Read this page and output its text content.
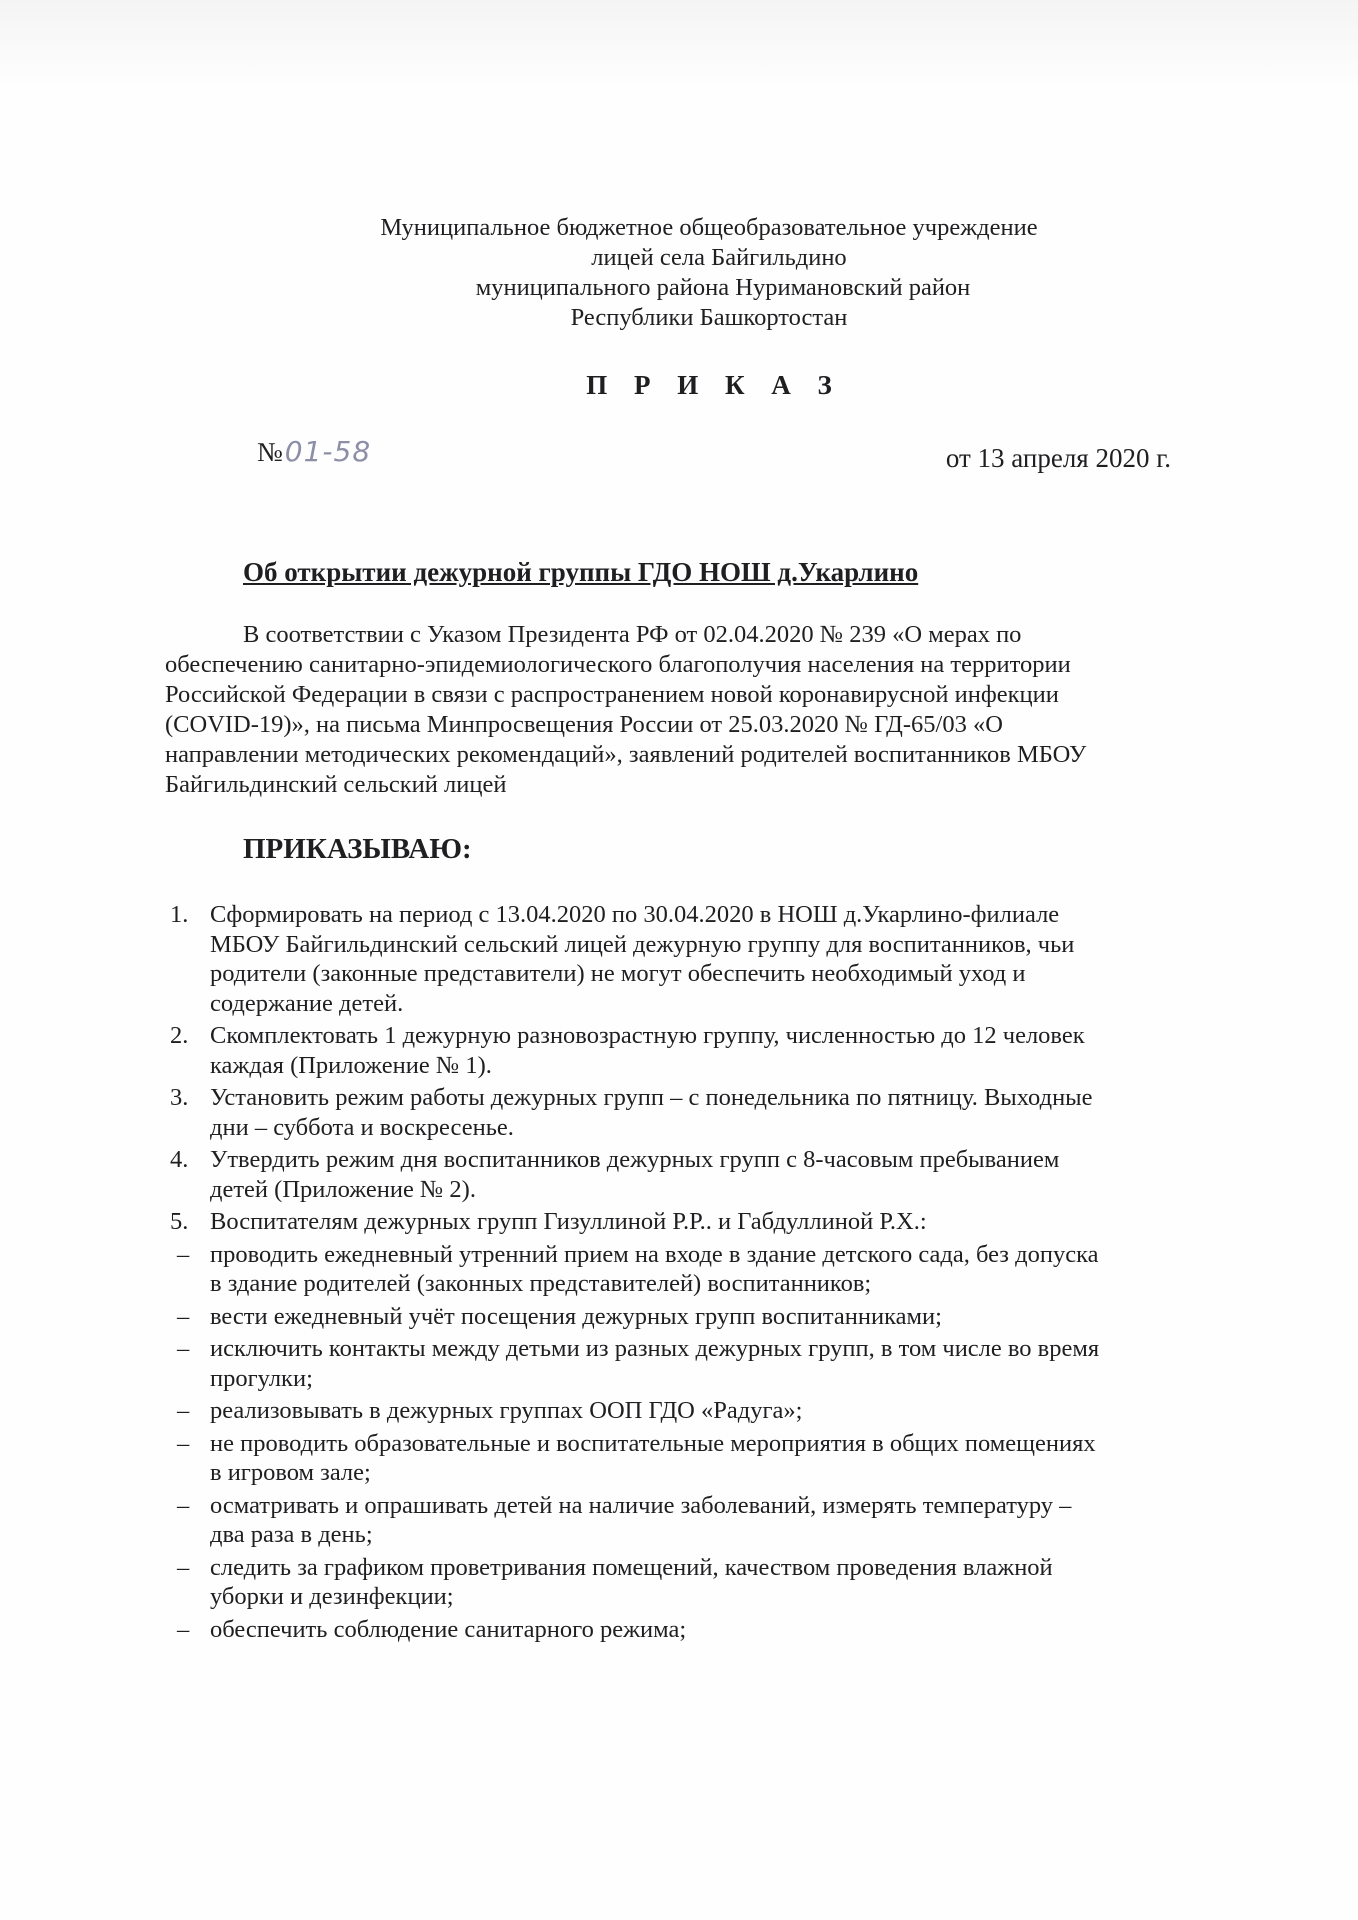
Муниципальное бюджетное общеобразовательное учреждение
лицей села Байгильдино
муниципального района Нуримановский район
Республики Башкортостан
П Р И К А З
№01-58	от 13 апреля 2020 г.
Об открытии дежурной группы ГДО НОШ д.Укарлино
В соответствии с Указом Президента РФ от 02.04.2020 № 239 «О мерах по
обеспечению санитарно-эпидемиологического благополучия населения на территории
Российской Федерации в связи с распространением новой коронавирусной инфекции
(COVID-19)», на письма Минпросвещения России от 25.03.2020 № ГД-65/03 «О
направлении методических рекомендаций», заявлений родителей воспитанников МБОУ
Байгильдинский сельский лицей
ПРИКАЗЫВАЮ:
1. Сформировать на период с 13.04.2020 по 30.04.2020 в НОШ д.Укарлино-филиале
МБОУ Байгильдинский сельский лицей дежурную группу для воспитанников, чьи
родители (законные представители) не могут обеспечить необходимый уход и
содержание детей.
2. Скомплектовать 1 дежурную разновозрастную группу, численностью до 12 человек
каждая (Приложение № 1).
3. Установить режим работы дежурных групп – с понедельника по пятницу. Выходные
дни – суббота и воскресенье.
4. Утвердить режим дня воспитанников дежурных групп с 8-часовым пребыванием
детей (Приложение № 2).
5. Воспитателям дежурных групп Гизуллиной Р.Р.. и Габдуллиной Р.Х.:
– проводить ежедневный утренний прием на входе в здание детского сада, без допуска
в здание родителей (законных представителей) воспитанников;
– вести ежедневный учёт посещения дежурных групп воспитанниками;
– исключить контакты между детьми из разных дежурных групп, в том числе во время
прогулки;
– реализовывать в дежурных группах ООП ГДО «Радуга»;
– не проводить образовательные и воспитательные мероприятия в общих помещениях
в игровом зале;
– осматривать и опрашивать детей на наличие заболеваний, измерять температуру –
два раза в день;
– следить за графиком проветривания помещений, качеством проведения влажной
уборки и дезинфекции;
– обеспечить соблюдение санитарного режима;
